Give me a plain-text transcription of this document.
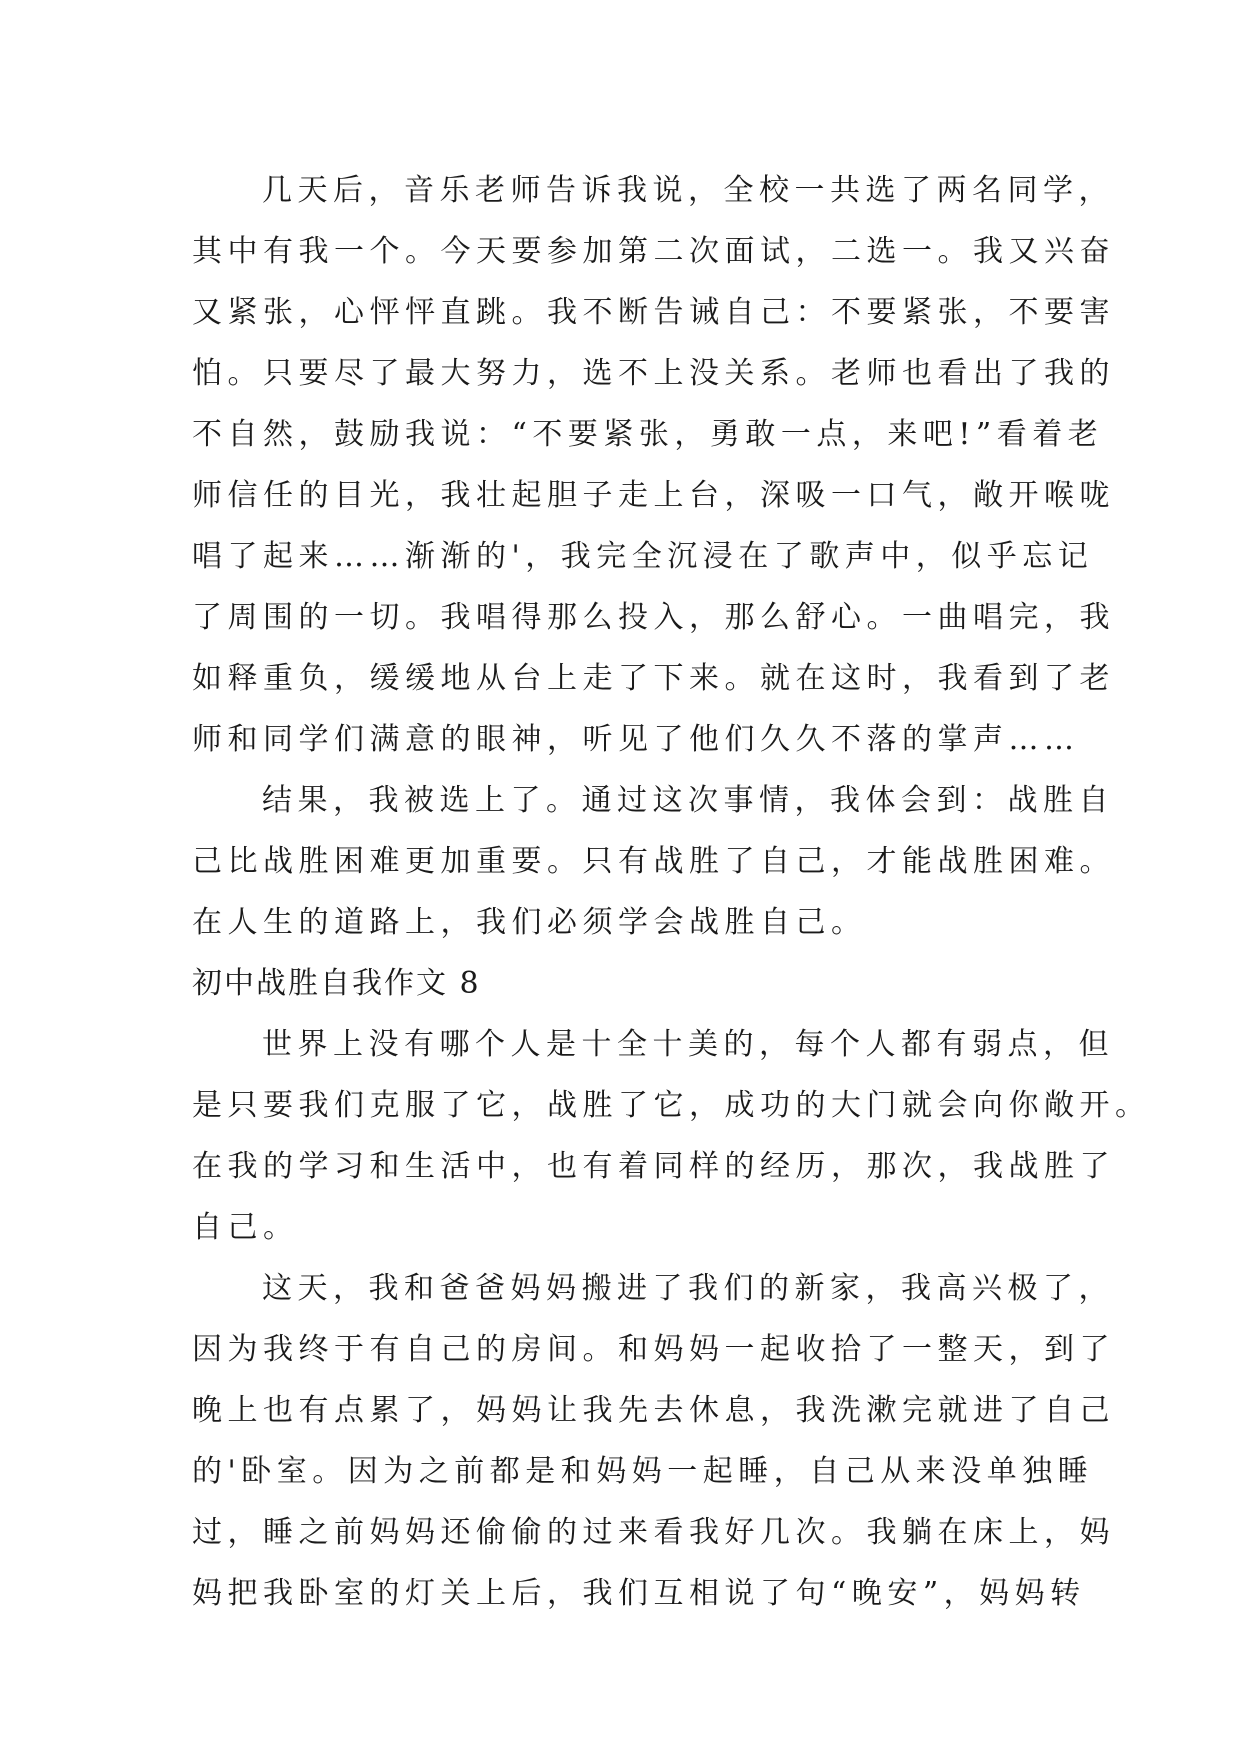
几天后，音乐老师告诉我说，全校一共选了两名同学，
其中有我一个。今天要参加第二次面试，二选一。我又兴奋
又紧张，心怦怦直跳。我不断告诫自己：不要紧张，不要害
怕。只要尽了最大努力，选不上没关系。老师也看出了我的
不自然，鼓励我说：“不要紧张，勇敢一点，来吧!”看着老
师信任的目光，我壮起胆子走上台，深吸一口气，敞开喉咙
唱了起来……渐渐的'，我完全沉浸在了歌声中，似乎忘记
了周围的一切。我唱得那么投入，那么舒心。一曲唱完，我
如释重负，缓缓地从台上走了下来。就在这时，我看到了老
师和同学们满意的眼神，听见了他们久久不落的掌声……
结果，我被选上了。通过这次事情，我体会到：战胜自
己比战胜困难更加重要。只有战胜了自己，才能战胜困难。
在人生的道路上，我们必须学会战胜自己。
初中战胜自我作文 8
世界上没有哪个人是十全十美的，每个人都有弱点，但
是只要我们克服了它，战胜了它，成功的大门就会向你敞开。
在我的学习和生活中，也有着同样的经历，那次，我战胜了
自己。
这天，我和爸爸妈妈搬进了我们的新家，我高兴极了，
因为我终于有自己的房间。和妈妈一起收拾了一整天，到了
晚上也有点累了，妈妈让我先去休息，我洗漱完就进了自己
的'卧室。因为之前都是和妈妈一起睡，自己从来没单独睡
过，睡之前妈妈还偷偷的过来看我好几次。我躺在床上，妈
妈把我卧室的灯关上后，我们互相说了句“晚安”，妈妈转
